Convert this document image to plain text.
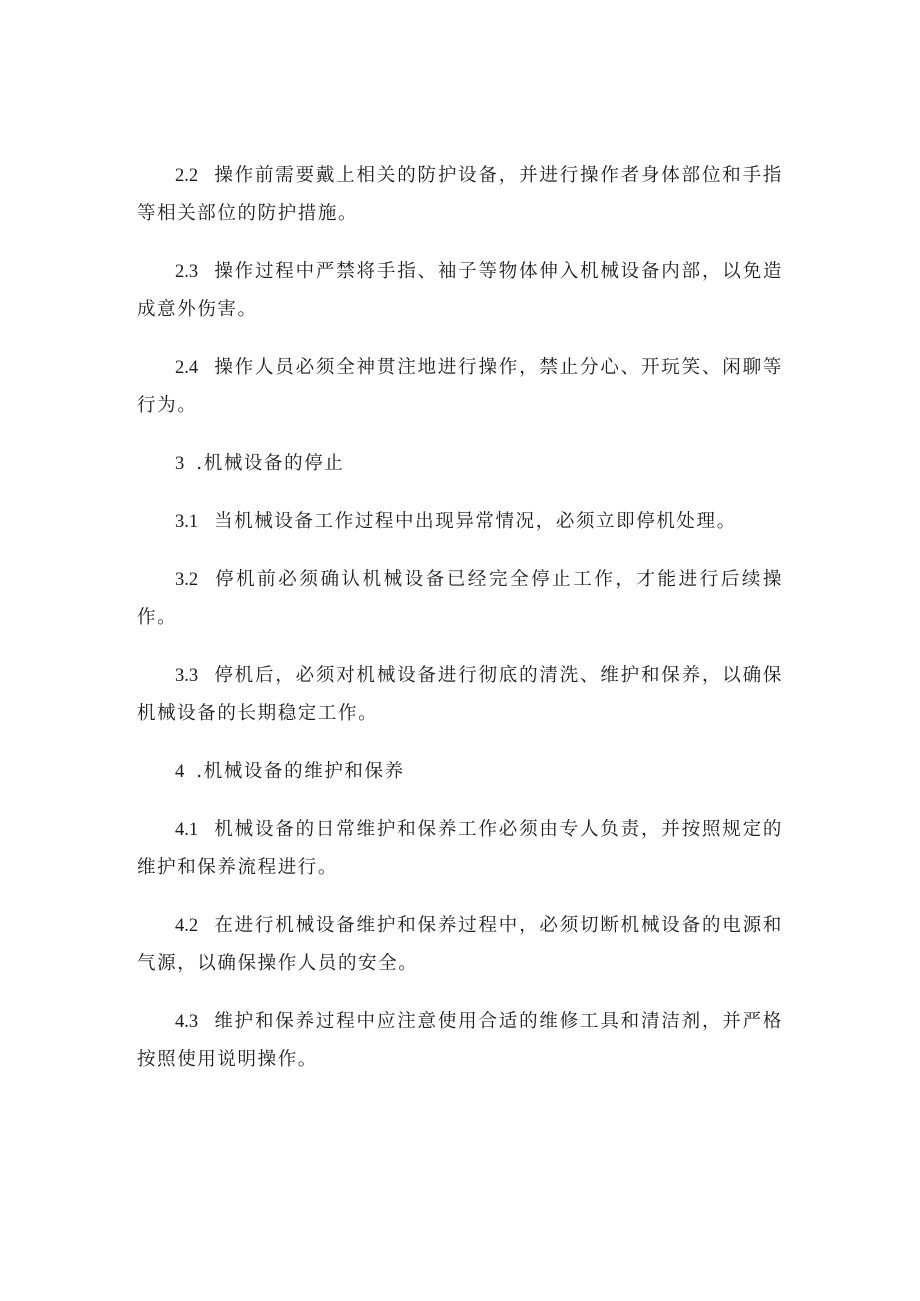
2.2 操作前需要戴上相关的防护设备，并进行操作者身体部位和手指等相关部位的防护措施。

2.3 操作过程中严禁将手指、袖子等物体伸入机械设备内部，以免造成意外伤害。

2.4 操作人员必须全神贯注地进行操作，禁止分心、开玩笑、闲聊等行为。

3 .机械设备的停止

3.1 当机械设备工作过程中出现异常情况，必须立即停机处理。

3.2 停机前必须确认机械设备已经完全停止工作，才能进行后续操作。

3.3 停机后，必须对机械设备进行彻底的清洗、维护和保养，以确保机械设备的长期稳定工作。

4 .机械设备的维护和保养

4.1 机械设备的日常维护和保养工作必须由专人负责，并按照规定的维护和保养流程进行。

4.2 在进行机械设备维护和保养过程中，必须切断机械设备的电源和气源，以确保操作人员的安全。

4.3 维护和保养过程中应注意使用合适的维修工具和清洁剂，并严格按照使用说明操作。
